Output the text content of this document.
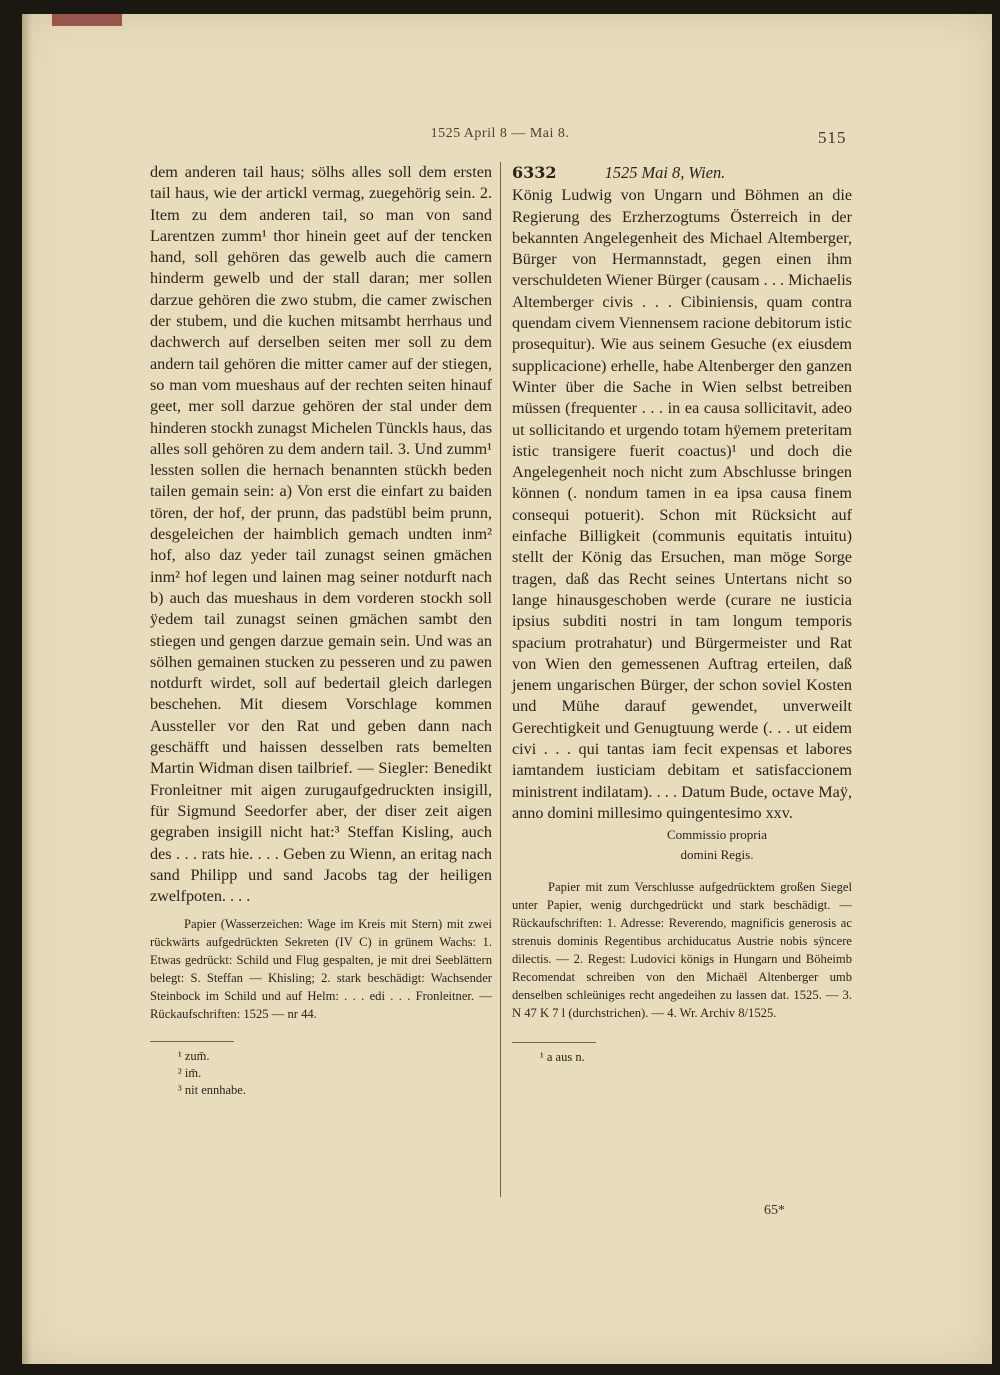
1525 April 8 — Mai 8.	515

dem anderen tail haus; sölhs alles soll dem ersten tail haus, wie der artickl vermag, zuegehörig sein. 2. Item zu dem anderen tail, so man von sand Larentzen zumm¹ thor hinein geet auf der tencken hand, soll gehören das gewelb auch die camern hinderm gewelb und der stall daran; mer sollen darzue gehören die zwo stubm, die camer zwischen der stubem, und die kuchen mitsambt herrhaus und dachwerch auf derselben seiten mer soll zu dem andern tail gehören die mitter camer auf der stiegen, so man vom mueshaus auf der rechten seiten hinauf geet, mer soll darzue gehören der stal under dem hinderen stockh zunagst Michelen Tünckls haus, das alles soll gehören zu dem andern tail. 3. Und zumm¹ lessten sollen die hernach benannten stückh beden tailen gemain sein: a) Von erst die einfart zu baiden tören, der hof, der prunn, das padstübl beim prunn, desgeleichen der haimblich gemach undten inm² hof, also daz yeder tail zunagst seinen gmächen inm² hof legen und lainen mag seiner notdurft nach b) auch das mueshaus in dem vorderen stockh soll ÿedem tail zunagst seinen gmächen sambt den stiegen und gengen darzue gemain sein. Und was an sölhen gemainen stucken zu pesseren und zu pawen notdurft wirdet, soll auf bedertail gleich darlegen beschehen. Mit diesem Vorschlage kommen Aussteller vor den Rat und geben dann nach geschäfft und haissen desselben rats bemelten Martin Widman disen tailbrief. — Siegler: Benedikt Fronleitner mit aigen zurugaufgedruckten insigill, für Sigmund Seedorfer aber, der diser zeit aigen gegraben insigill nicht hat:³ Steffan Kisling, auch des . . . rats hie. . . . Geben zu Wienn, an eritag nach sand Philipp und sand Jacobs tag der heiligen zwelfpoten. . . .

Papier (Wasserzeichen: Wage im Kreis mit Stern) mit zwei rückwärts aufgedrückten Sekreten (IV C) in grünem Wachs: 1. Etwas gedrückt: Schild und Flug gespalten, je mit drei Seeblättern belegt: S. Steffan — Khisling; 2. stark beschädigt: Wachsender Steinbock im Schild und auf Helm: . . . edi . . . Fronleitner. — Rückaufschriften: 1525 — nr 44.

¹ zum̄.

² im̄.

³ nit ennhabe.

6332	1525 Mai 8, Wien.

König Ludwig von Ungarn und Böhmen an die Regierung des Erzherzogtums Österreich in der bekannten Angelegenheit des Michael Altemberger, Bürger von Hermannstadt, gegen einen ihm verschuldeten Wiener Bürger (causam . . . Michaelis Altemberger civis . . . Cibiniensis, quam contra quendam civem Viennensem racione debitorum istic prosequitur). Wie aus seinem Gesuche (ex eiusdem supplicacione) erhelle, habe Altenberger den ganzen Winter über die Sache in Wien selbst betreiben müssen (frequenter . . . in ea causa sollicitavit, adeo ut sollicitando et urgendo totam hÿemem preteritam istic transigere fuerit coactus)¹ und doch die Angelegenheit noch nicht zum Abschlusse bringen können (. nondum tamen in ea ipsa causa finem consequi potuerit). Schon mit Rücksicht auf einfache Billigkeit (communis equitatis intuitu) stellt der König das Ersuchen, man möge Sorge tragen, daß das Recht seines Untertans nicht so lange hinausgeschoben werde (curare ne iusticia ipsius subditi nostri in tam longum temporis spacium protrahatur) und Bürgermeister und Rat von Wien den gemessenen Auftrag erteilen, daß jenem ungarischen Bürger, der schon soviel Kosten und Mühe darauf gewendet, unverweilt Gerechtigkeit und Genugtuung werde (. . . ut eidem civi . . . qui tantas iam fecit expensas et labores iamtandem iusticiam debitam et satisfaccionem ministrent indilatam). . . . Datum Bude, octave Maÿ, anno domini millesimo quingentesimo xxv.

Commissio propria

domini Regis.

Papier mit zum Verschlusse aufgedrücktem großen Siegel unter Papier, wenig durchgedrückt und stark beschädigt. — Rückaufschriften: 1. Adresse: Reverendo, magnificis generosis ac strenuis dominis Regentibus archiducatus Austrie nobis sÿncere dilectis. — 2. Regest: Ludovici königs in Hungarn und Böheimb Recomendat schreiben von den Michaël Altenberger umb denselben schleüniges recht angedeihen zu lassen dat. 1525. — 3. N 47 K 7 l (durchstrichen). — 4. Wr. Archiv 8/1525.

¹ a aus n.

65*
